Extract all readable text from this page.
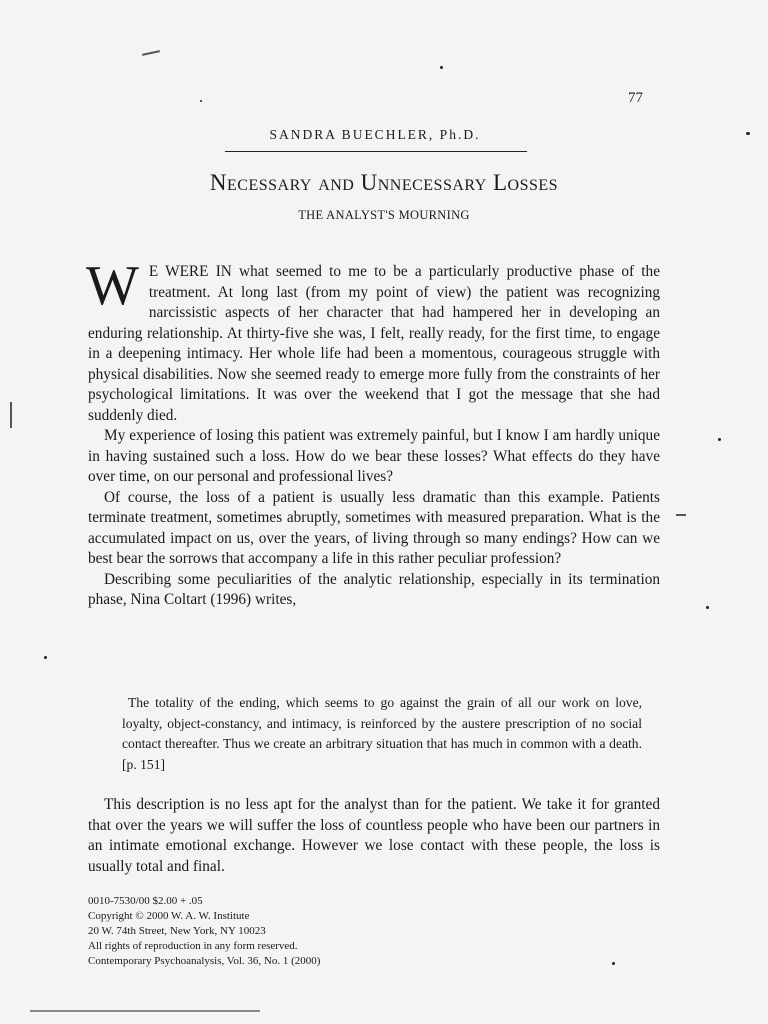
77
SANDRA BUECHLER, Ph.D.
Necessary and Unnecessary Losses
THE ANALYST'S MOURNING

W E WERE IN what seemed to me to be a particularly productive phase of the treatment. At long last (from my point of view) the patient was recognizing narcissistic aspects of her character that had hampered her in developing an enduring relationship. At thirty-five she was, I felt, really ready, for the first time, to engage in a deepening intimacy. Her whole life had been a momentous, courageous struggle with physical disabilities. Now she seemed ready to emerge more fully from the constraints of her psychological limitations. It was over the weekend that I got the message that she had suddenly died.

My experience of losing this patient was extremely painful, but I know I am hardly unique in having sustained such a loss. How do we bear these losses? What effects do they have over time, on our personal and professional lives?

Of course, the loss of a patient is usually less dramatic than this example. Patients terminate treatment, sometimes abruptly, sometimes with measured preparation. What is the accumulated impact on us, over the years, of living through so many endings? How can we best bear the sorrows that accompany a life in this rather peculiar profession?

Describing some peculiarities of the analytic relationship, especially in its termination phase, Nina Coltart (1996) writes,

The totality of the ending, which seems to go against the grain of all our work on love, loyalty, object-constancy, and intimacy, is reinforced by the austere prescription of no social contact thereafter. Thus we create an arbitrary situation that has much in common with a death. [p. 151]

This description is no less apt for the analyst than for the patient. We take it for granted that over the years we will suffer the loss of countless people who have been our partners in an intimate emotional exchange. However we lose contact with these people, the loss is usually total and final.

0010-7530/00 $2.00 + .05
Copyright © 2000 W. A. W. Institute
20 W. 74th Street, New York, NY 10023
All rights of reproduction in any form reserved.
Contemporary Psychoanalysis, Vol. 36, No. 1 (2000)
